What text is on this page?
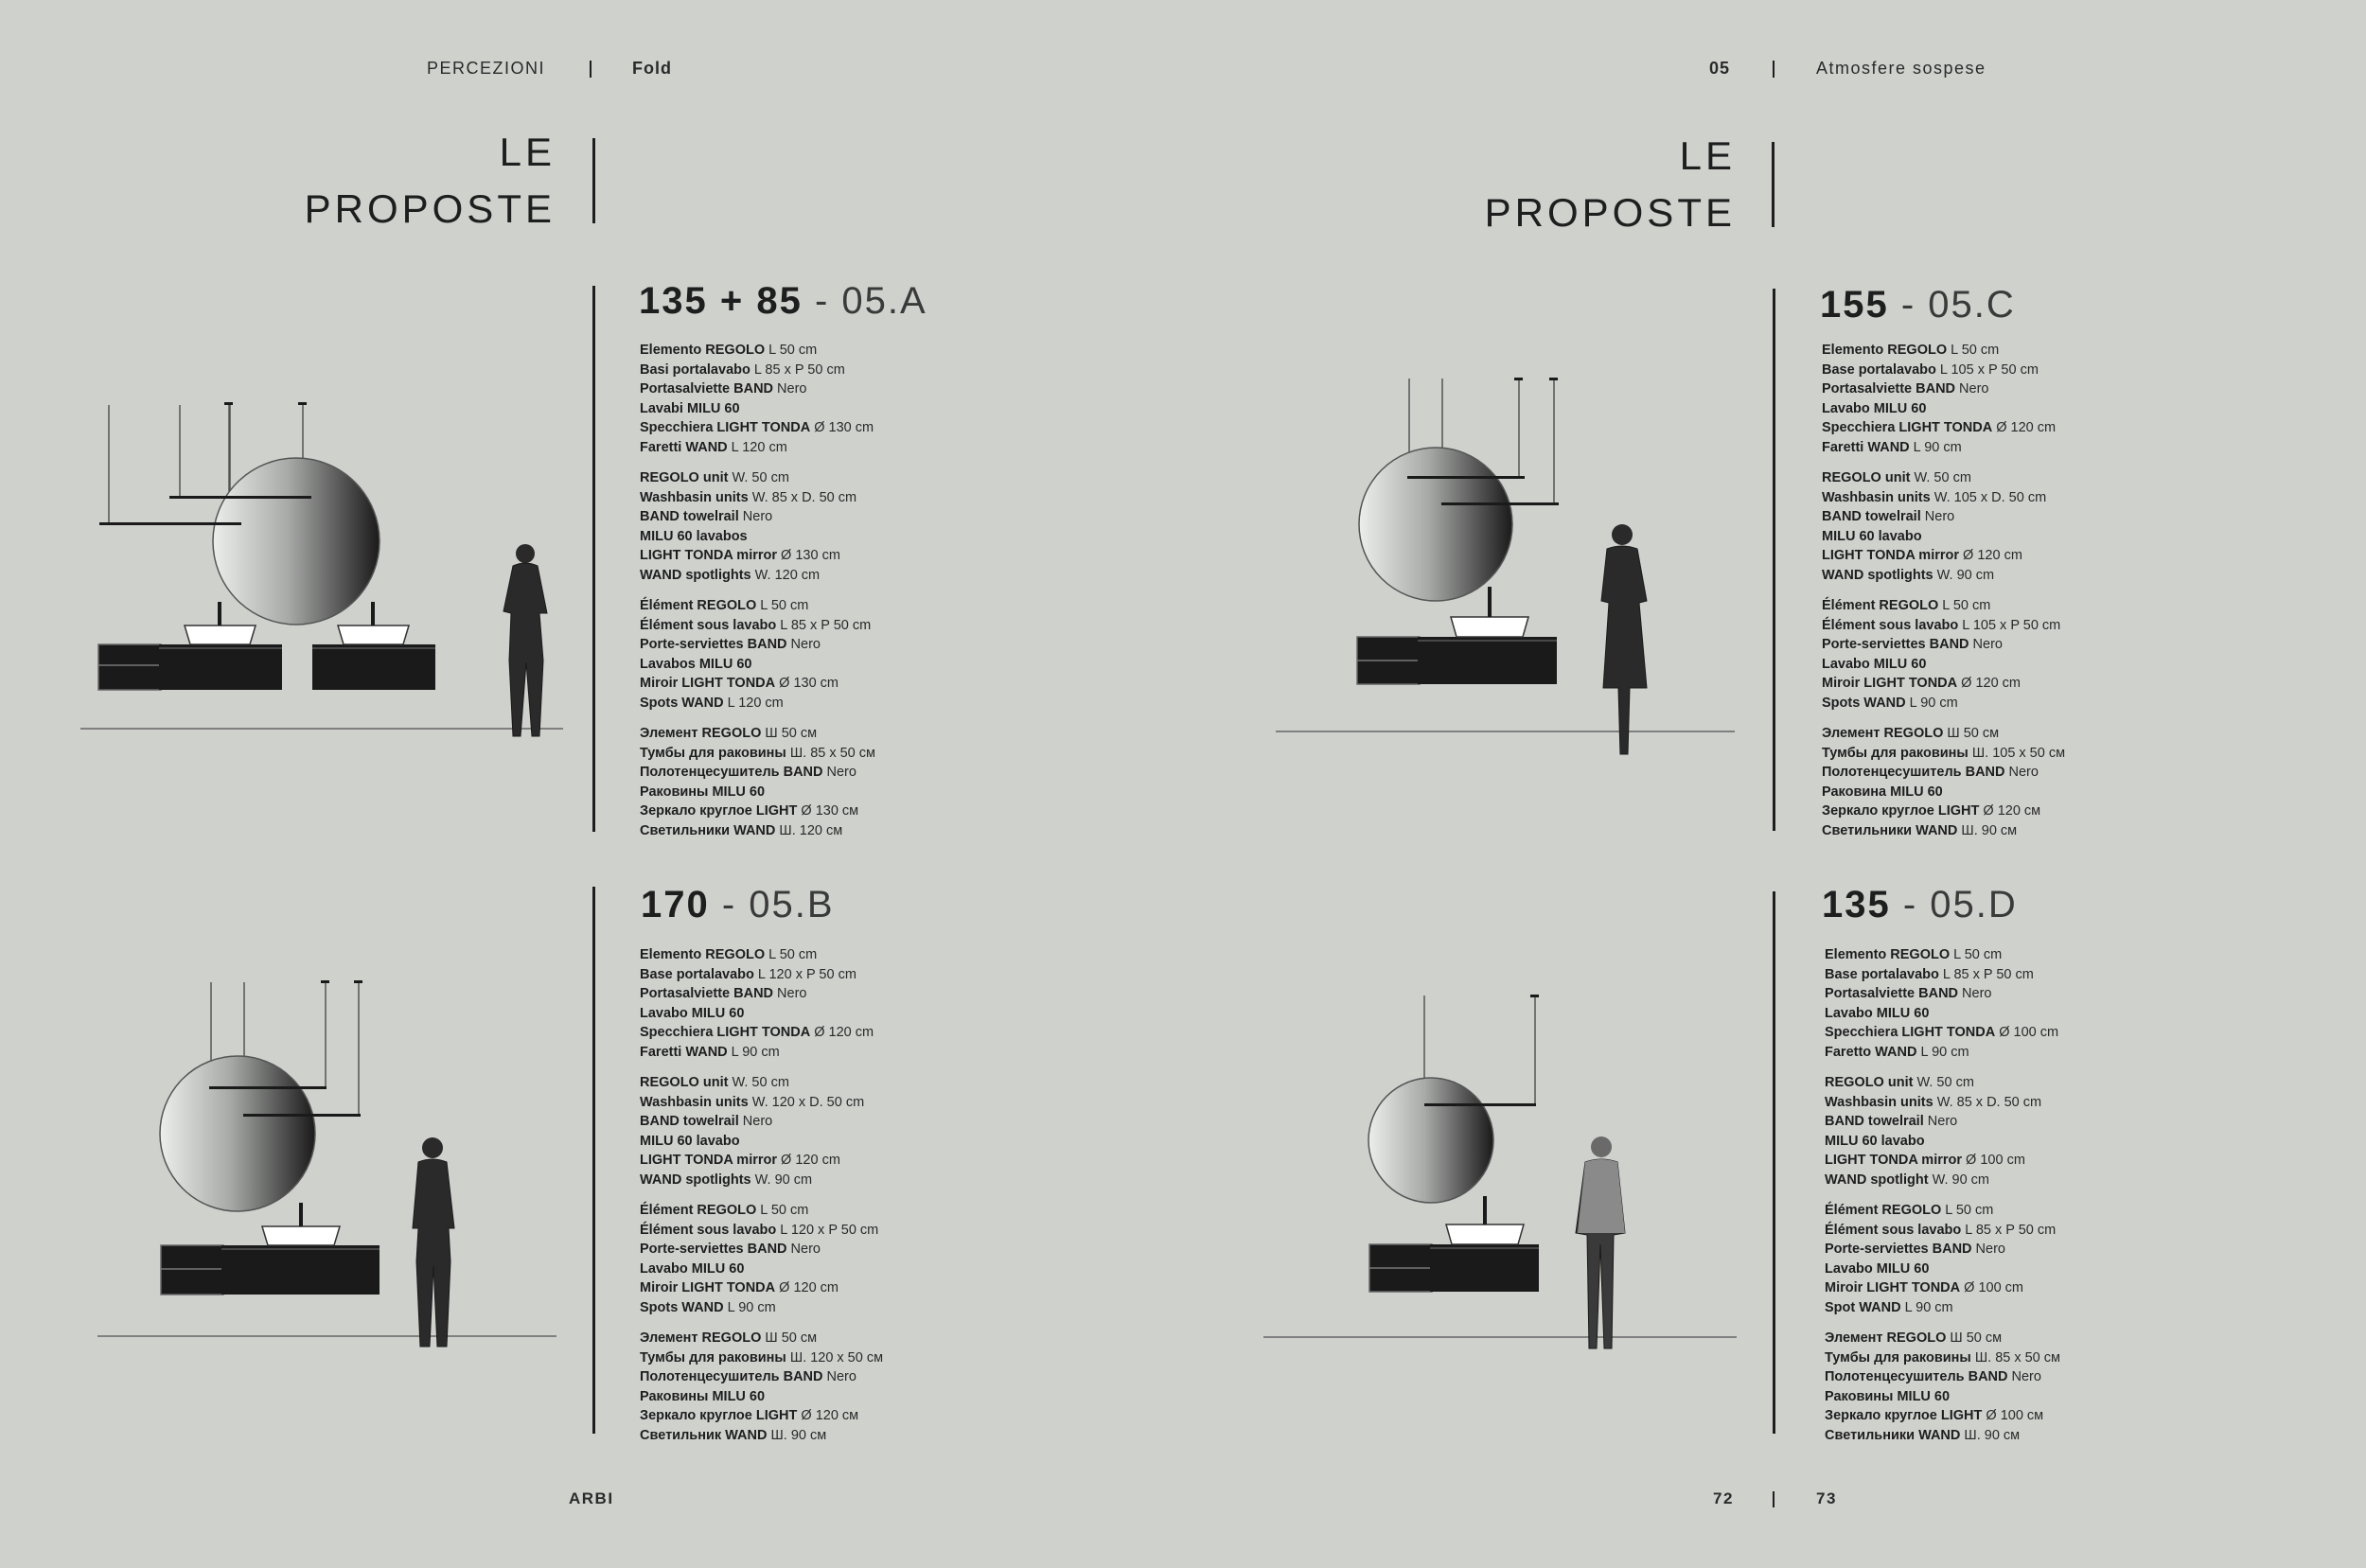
PERCEZIONI	Fold	05	Atmosfere sospese
LE
PROPOSTE
LE
PROPOSTE
135 + 85 - 05.A
Elemento REGOLO L 50 cm
Basi portalavabo L 85 x P 50 cm
Portasalviette BAND Nero
Lavabi MILU 60
Specchiera LIGHT TONDA Ø 130 cm
Faretti WAND L 120 cm
REGOLO unit W. 50 cm
Washbasin units W. 85 x D. 50 cm
BAND towelrail Nero
MILU 60 lavabos
LIGHT TONDA mirror Ø 130 cm
WAND spotlights W. 120 cm
Élément REGOLO L 50 cm
Élément sous lavabo L 85 x P 50 cm
Porte-serviettes BAND Nero
Lavabos MILU 60
Miroir LIGHT TONDA Ø 130 cm
Spots WAND L 120 cm
Элемент REGOLO Ш 50 см
Тумбы для раковины Ш. 85 x 50 см
Полотенцесушитель BAND Nero
Раковины MILU 60
Зеркало круглое LIGHT Ø 130 см
Светильники WAND Ш. 120 см
170 - 05.B
Elemento REGOLO L 50 cm
Base portalavabo L 120 x P 50 cm
Portasalviette BAND Nero
Lavabo MILU 60
Specchiera LIGHT TONDA Ø 120 cm
Faretti WAND L 90 cm
REGOLO unit W. 50 cm
Washbasin units W. 120 x D. 50 cm
BAND towelrail Nero
MILU 60 lavabo
LIGHT TONDA mirror Ø 120 cm
WAND spotlights W. 90 cm
Élément REGOLO L 50 cm
Élément sous lavabo L 120 x P 50 cm
Porte-serviettes BAND Nero
Lavabo MILU 60
Miroir LIGHT TONDA Ø 120 cm
Spots WAND L 90 cm
Элемент REGOLO Ш 50 см
Тумбы для раковины Ш. 120 x 50 см
Полотенцесушитель BAND Nero
Раковины MILU 60
Зеркало круглое LIGHT Ø 120 см
Светильник WAND Ш. 90 см
155 - 05.C
Elemento REGOLO L 50 cm
Base portalavabo L 105 x P 50 cm
Portasalviette BAND Nero
Lavabo MILU 60
Specchiera LIGHT TONDA Ø 120 cm
Faretti WAND L 90 cm
REGOLO unit W. 50 cm
Washbasin units W. 105 x D. 50 cm
BAND towelrail Nero
MILU 60 lavabo
LIGHT TONDA mirror Ø 120 cm
WAND spotlights W. 90 cm
Élément REGOLO L 50 cm
Élément sous lavabo L 105 x P 50 cm
Porte-serviettes BAND Nero
Lavabo MILU 60
Miroir LIGHT TONDA Ø 120 cm
Spots WAND L 90 cm
Элемент REGOLO Ш 50 см
Тумбы для раковины Ш. 105 x 50 см
Полотенцесушитель BAND Nero
Раковина MILU 60
Зеркало круглое LIGHT Ø 120 см
Светильники WAND Ш. 90 см
135 - 05.D
Elemento REGOLO L 50 cm
Base portalavabo L 85 x P 50 cm
Portasalviette BAND Nero
Lavabo MILU 60
Specchiera LIGHT TONDA Ø 100 cm
Faretto WAND L 90 cm
REGOLO unit W. 50 cm
Washbasin units W. 85 x D. 50 cm
BAND towelrail Nero
MILU 60 lavabo
LIGHT TONDA mirror Ø 100 cm
WAND spotlight W. 90 cm
Élément REGOLO L 50 cm
Élément sous lavabo L 85 x P 50 cm
Porte-serviettes BAND Nero
Lavabo MILU 60
Miroir LIGHT TONDA Ø 100 cm
Spot WAND L 90 cm
Элемент REGOLO Ш 50 см
Тумбы для раковины Ш. 85 x 50 см
Полотенцесушитель BAND Nero
Раковины MILU 60
Зеркало круглое LIGHT Ø 100 см
Светильники WAND Ш. 90 см
ARBI	72	73
